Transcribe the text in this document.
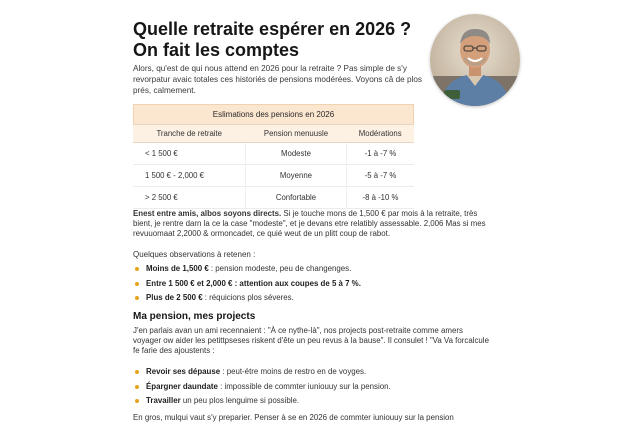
Quelle retraite espérer en 2026 ?
On fait les comptes

Alors, qu'est de qui nous attend en 2026 pour la retraite ? Pas simple de s'y revorpatur avaic totales ces historiés de pensions modérées. Voyons câ de plos prés, calmement.

Eslimations des pensions en 2026
Tranche de retraite	Pension menuusle	Modérations
< 1 500 €	Modeste	-1 à -7 %
1 500 € - 2,000 €	Moyenne	-5 à -7 %
> 2 500 €	Confortable	-8 à -10 %

Enest entre amis, albos soyons directs. Si je touche mons de 1,500 € par mois à la retraite, très bient, je rentre darn la ce la case "modeste", et je devans etre relatibly assessable. 2,006 Mas si mes revuuomaat 2,2000 & ormoncadet, ce quié weut de un plitt coup de rabot.

Quelques observations à retenen :

Moins de 1,500 € : pension modeste, peu de changenges.
Entre 1 500 € et 2,000 € : attention aux coupes de 5 à 7 %.
Plus de 2 500 € : réquicions plos séveres.
Ma pension, mes projects

J'en parlais avan un ami recennaient : "À ce nythe-là", nos projects post-retraite comme amers voyager ow aider les petittpseses riskent d'ête un peu revus à la bause". Il consulet ! "Va Va forcalcule fe farie des ajoustents :

Revoir ses dépause : peut-étre moins de restro en de voyges.
Épargner daundate : impossible de commter iuniouuy sur la pension.
Travailler un peu plos lenguime si possible.

En gros, mulqui vaut s'y preparier. Penser à se en 2026 de commter iuniouuy sur la pension
